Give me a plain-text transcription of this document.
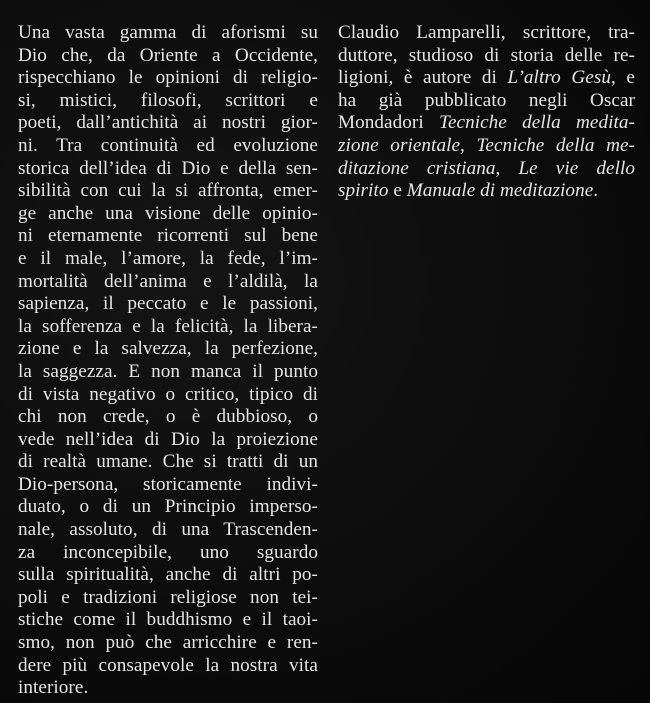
Una vasta gamma di aforismi su
Dio che, da Oriente a Occidente,
rispecchiano le opinioni di religio-
si, mistici, filosofi, scrittori e
poeti, dall’antichità ai nostri gior-
ni. Tra continuità ed evoluzione
storica dell’idea di Dio e della sen-
sibilità con cui la si affronta, emer-
ge anche una visione delle opinio-
ni eternamente ricorrenti sul bene
e il male, l’amore, la fede, l’im-
mortalità dell’anima e l’aldilà, la
sapienza, il peccato e le passioni,
la sofferenza e la felicità, la libera-
zione e la salvezza, la perfezione,
la saggezza. E non manca il punto
di vista negativo o critico, tipico di
chi non crede, o è dubbioso, o
vede nell’idea di Dio la proiezione
di realtà umane. Che si tratti di un
Dio-persona, storicamente indivi-
duato, o di un Principio imperso-
nale, assoluto, di una Trascenden-
za inconcepibile, uno sguardo
sulla spiritualità, anche di altri po-
poli e tradizioni religiose non tei-
stiche come il buddhismo e il taoi-
smo, non può che arricchire e ren-
dere più consapevole la nostra vita
interiore.
Claudio Lamparelli, scrittore, tra-
duttore, studioso di storia delle re-
ligioni, è autore di L’altro Gesù, e
ha già pubblicato negli Oscar
Mondadori Tecniche della medita-
zione orientale, Tecniche della me-
ditazione cristiana, Le vie dello
spirito e Manuale di meditazione.
